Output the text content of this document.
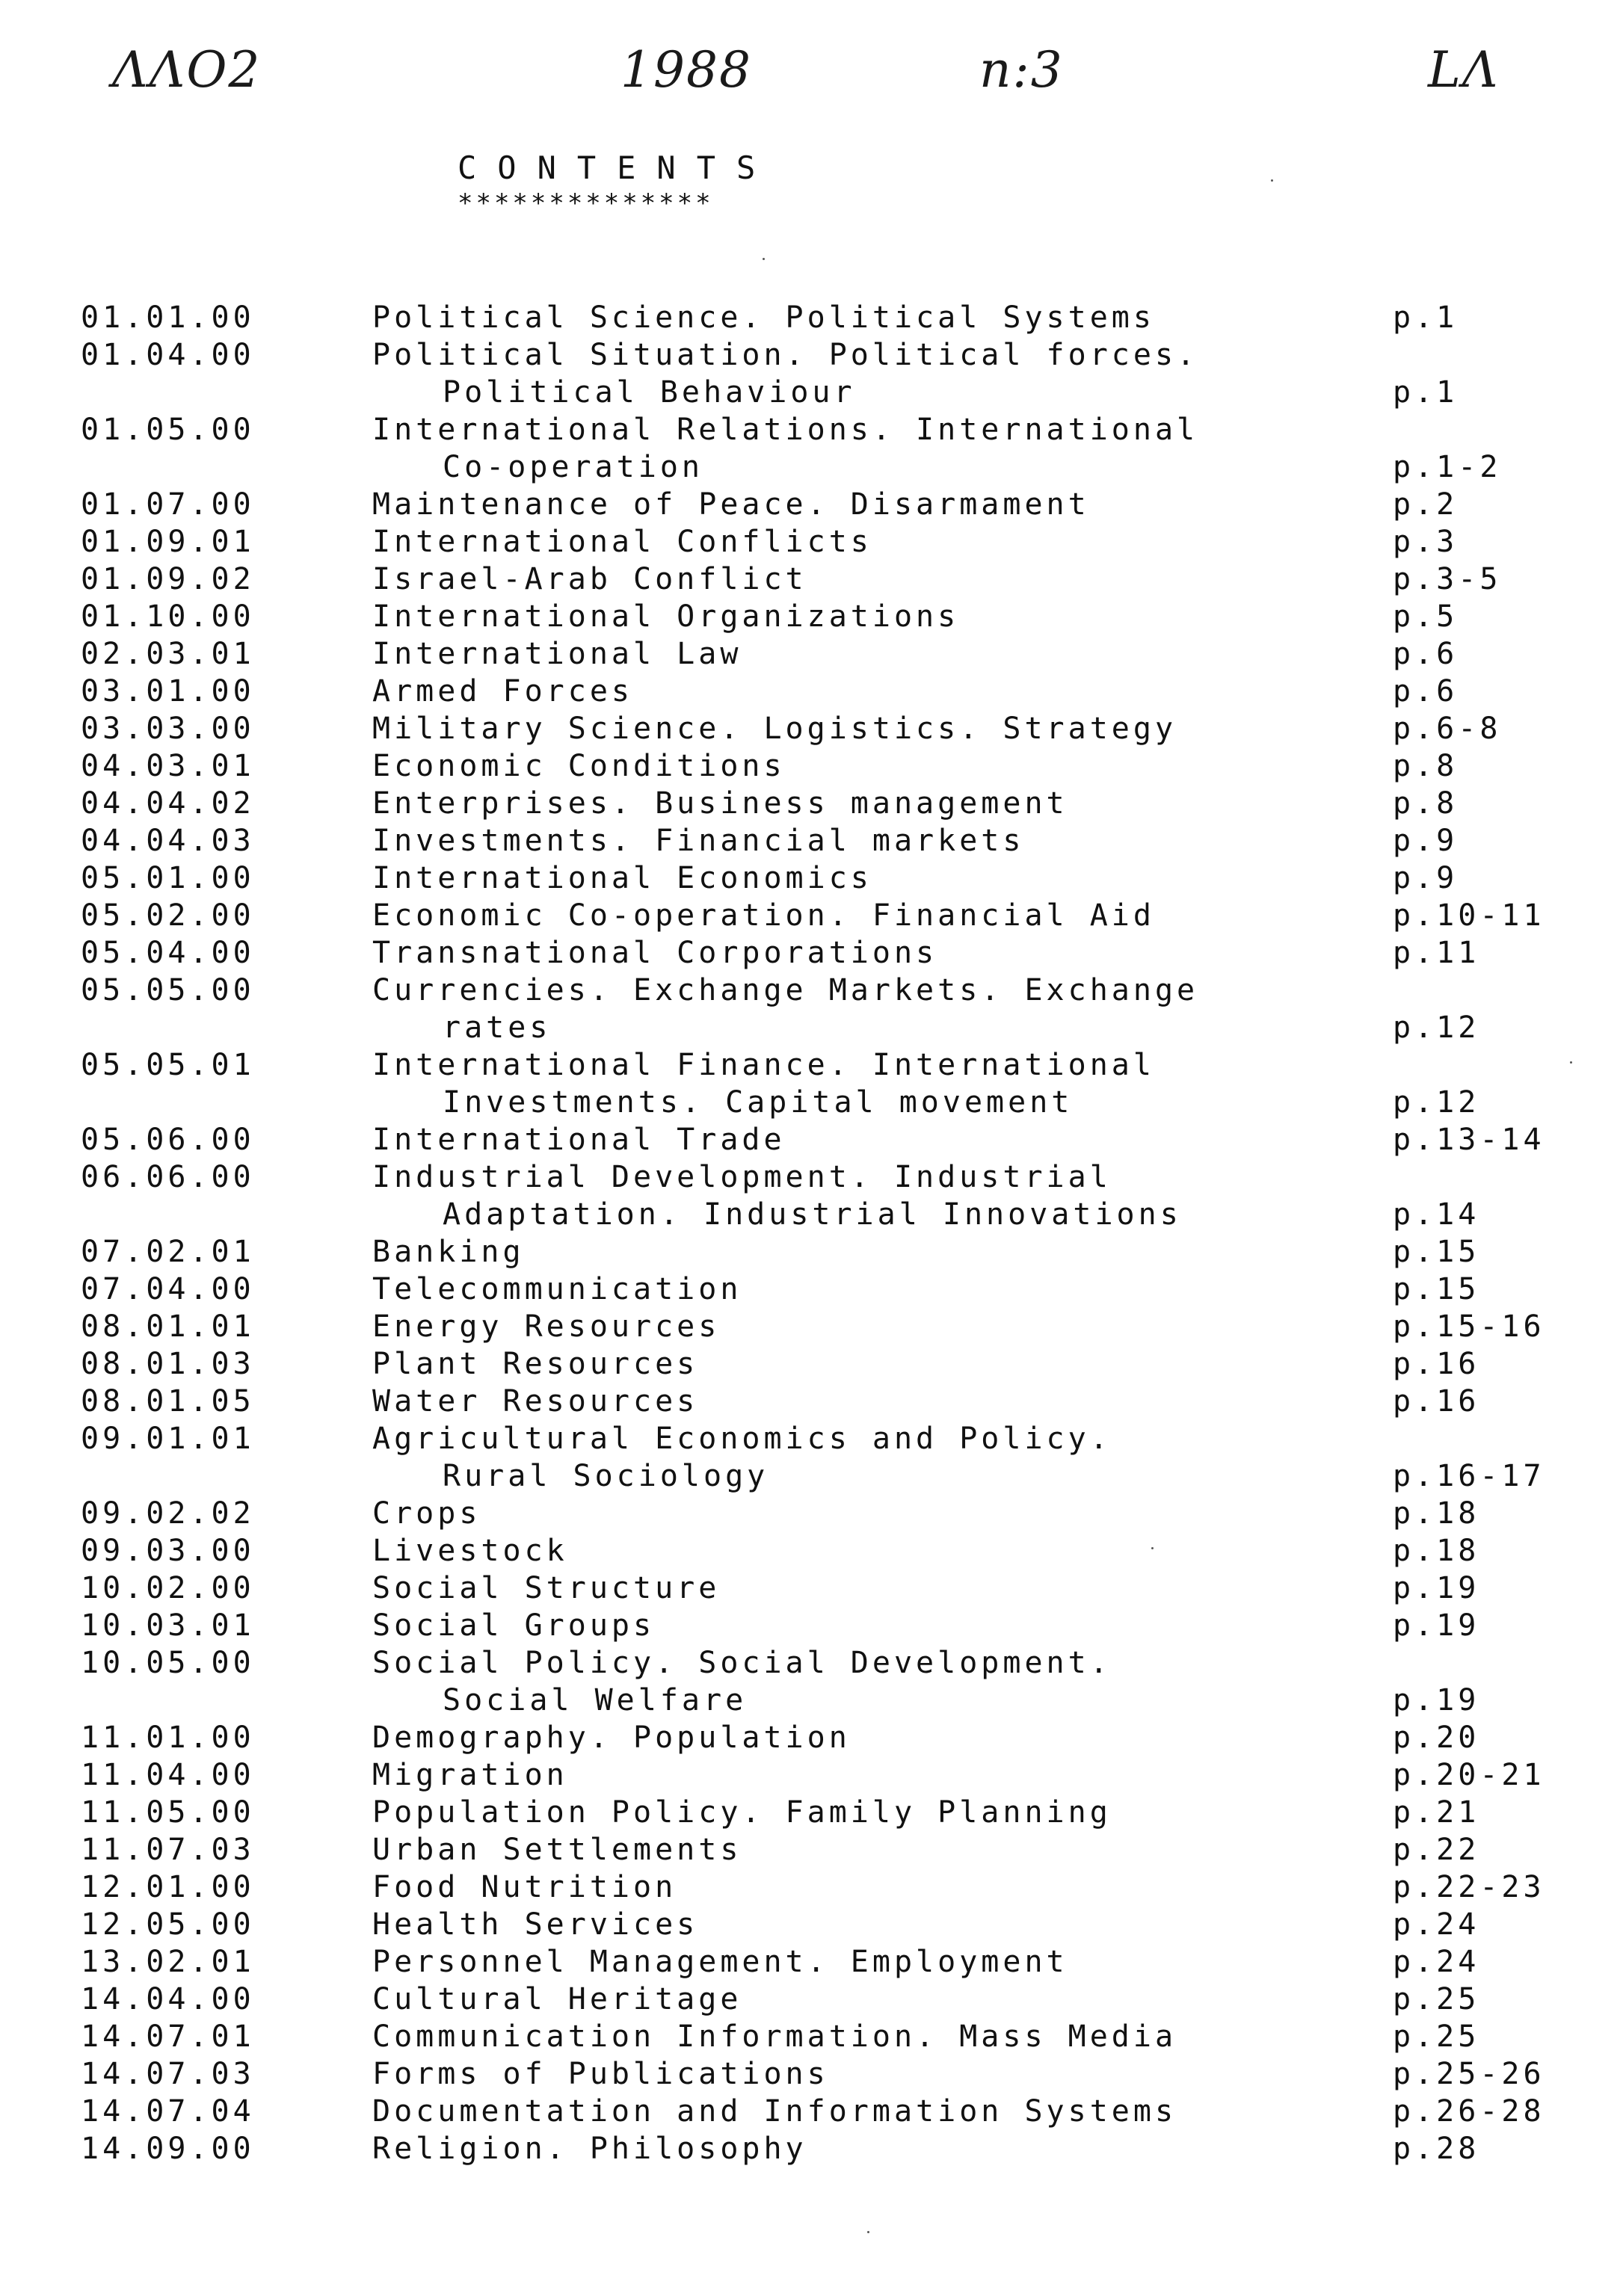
ΛΛΟ2	1988	n:3	LΛ
CONTENTS
**************
01.01.00	Political Science. Political Systems	p.1
01.04.00	Political Situation. Political forces.
Political Behaviour	p.1
01.05.00	International Relations. International
Co-operation	p.1-2
01.07.00	Maintenance of Peace. Disarmament	p.2
01.09.01	International Conflicts	p.3
01.09.02	Israel-Arab Conflict	p.3-5
01.10.00	International Organizations	p.5
02.03.01	International Law	p.6
03.01.00	Armed Forces	p.6
03.03.00	Military Science. Logistics. Strategy	p.6-8
04.03.01	Economic Conditions	p.8
04.04.02	Enterprises. Business management	p.8
04.04.03	Investments. Financial markets	p.9
05.01.00	International Economics	p.9
05.02.00	Economic Co-operation. Financial Aid	p.10-11
05.04.00	Transnational Corporations	p.11
05.05.00	Currencies. Exchange Markets. Exchange
rates	p.12
05.05.01	International Finance. International
Investments. Capital movement	p.12
05.06.00	International Trade	p.13-14
06.06.00	Industrial Development. Industrial
Adaptation. Industrial Innovations	p.14
07.02.01	Banking	p.15
07.04.00	Telecommunication	p.15
08.01.01	Energy Resources	p.15-16
08.01.03	Plant Resources	p.16
08.01.05	Water Resources	p.16
09.01.01	Agricultural Economics and Policy.
Rural Sociology	p.16-17
09.02.02	Crops	p.18
09.03.00	Livestock	p.18
10.02.00	Social Structure	p.19
10.03.01	Social Groups	p.19
10.05.00	Social Policy. Social Development.
Social Welfare	p.19
11.01.00	Demography. Population	p.20
11.04.00	Migration	p.20-21
11.05.00	Population Policy. Family Planning	p.21
11.07.03	Urban Settlements	p.22
12.01.00	Food Nutrition	p.22-23
12.05.00	Health Services	p.24
13.02.01	Personnel Management. Employment	p.24
14.04.00	Cultural Heritage	p.25
14.07.01	Communication Information. Mass Media	p.25
14.07.03	Forms of Publications	p.25-26
14.07.04	Documentation and Information Systems	p.26-28
14.09.00	Religion. Philosophy	p.28
